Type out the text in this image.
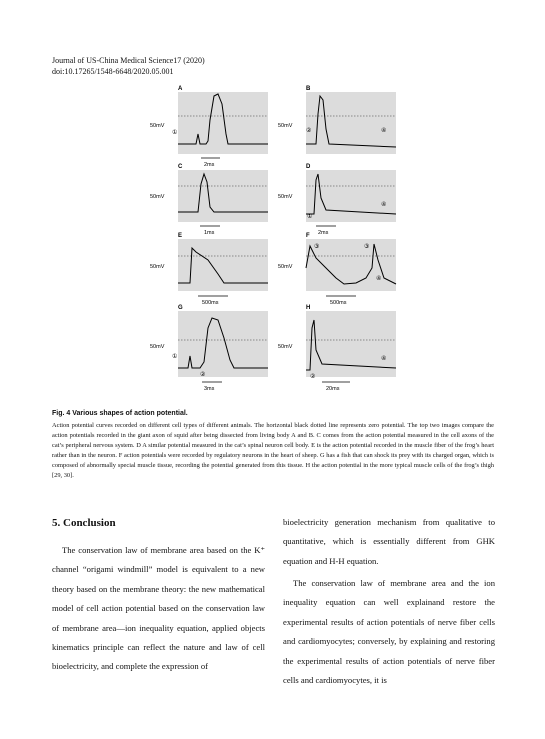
Journal of US-China Medical Science17 (2020)
doi:10.17265/1548-6648/2020.05.001
A
50mV
①
2ms
B
50mV
②	④
C
50mV
1ms
D
50mV
①
④
2ms
E
50mV
500ms
F
50mV
③	③
④
500ms
G
50mV
①
②
3ms
H
50mV
②
④
20ms
Fig. 4 Various shapes of action potential.
Action potential curves recorded on different cell types of different animals. The horizontal black dotted line represents zero potential. The top two images compare the action potentials recorded in the giant axon of squid after being dissected from living body A and B. C comes from the action potential measured in the cell axons of the cat’s peripheral nervous system. D A similar potential measured in the cat’s spinal neuron cell body. E is the action potential recorded in the muscle fiber of the frog’s heart rather than in the neuron. F action potentials were recorded by regulatory neurons in the heart of sheep. G has a fish that can shock its prey with its charged organ, which is composed of abnormally special muscle tissue, recording the potential generated from this tissue. H the action potential in the more typical muscle cells of the frog’s thigh [29, 30].
5. Conclusion
The conservation law of membrane area based on the K⁺ channel “origami windmill” model is equivalent to a new theory based on the membrane theory: the new mathematical model of cell action potential based on the conservation law of membrane area—ion inequality equation, applied objects kinematics principle can reflect the nature and law of cell bioelectricity, and complete the expression of
bioelectricity generation mechanism from qualitative to quantitative, which is essentially different from GHK equation and H-H equation.
The conservation law of membrane area and the ion inequality equation can well explainand restore the experimental results of action potentials of nerve fiber cells and cardiomyocytes; conversely, by explaining and restoring the experimental results of action potentials of nerve fiber cells and cardiomyocytes, it is
